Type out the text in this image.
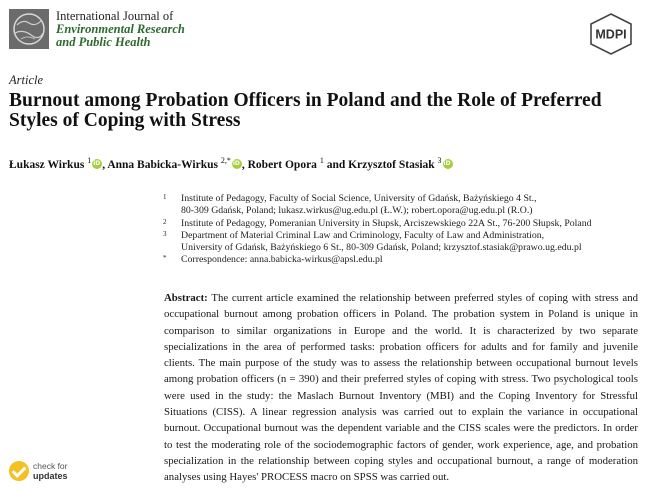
International Journal of
Environmental Research
and Public Health
MDPI
Article
Burnout among Probation Officers in Poland and the Role of Preferred Styles of Coping with Stress
Łukasz Wirkus $^1$ iD , Anna Babicka-Wirkus $^{2,*}$ iD , Robert Opora $^1$ and Krzysztof Stasiak $^3$iD
1 Institute of Pedagogy, Faculty of Social Science, University of Gdańsk, Bażyńskiego 4 St.,
80-309 Gdańsk, Poland; lukasz.wirkus@ug.edu.pl (Ł.W.); robert.opora@ug.edu.pl (R.O.)
2 Institute of Pedagogy, Pomeranian University in Słupsk, Arciszewskiego 22A St., 76-200 Słupsk, Poland
3 Department of Material Criminal Law and Criminology, Faculty of Law and Administration,
University of Gdańsk, Bażyńskiego 6 St., 80-309 Gdańsk, Poland; krzysztof.stasiak@prawo.ug.edu.pl
* Correspondence: anna.babicka-wirkus@apsl.edu.pl
Abstract: The current article examined the relationship between preferred styles of coping with stress and occupational burnout among probation officers in Poland. The probation system in Poland is unique in comparison to similar organizations in Europe and the world. It is characterized by two separate specializations in the area of performed tasks: probation officers for adults and for family and juvenile clients. The main purpose of the study was to assess the relationship between occupational burnout levels among probation officers (n = 390) and their preferred styles of coping with stress. Two psychological tools were used in the study: the Maslach Burnout Inventory (MBI) and the Coping Inventory for Stressful Situations (CISS). A linear regression analysis was carried out to explain the variance in occupational burnout. Occupational burnout was the dependent variable and the CISS scales were the predictors. In order to test the moderating role of the sociodemographic factors of gender, work experience, age, and probation specialization in the relationship between coping styles and occupational burnout, a range of moderation analyses using Hayes' PROCESS macro on SPSS was carried out.
check for
updates
